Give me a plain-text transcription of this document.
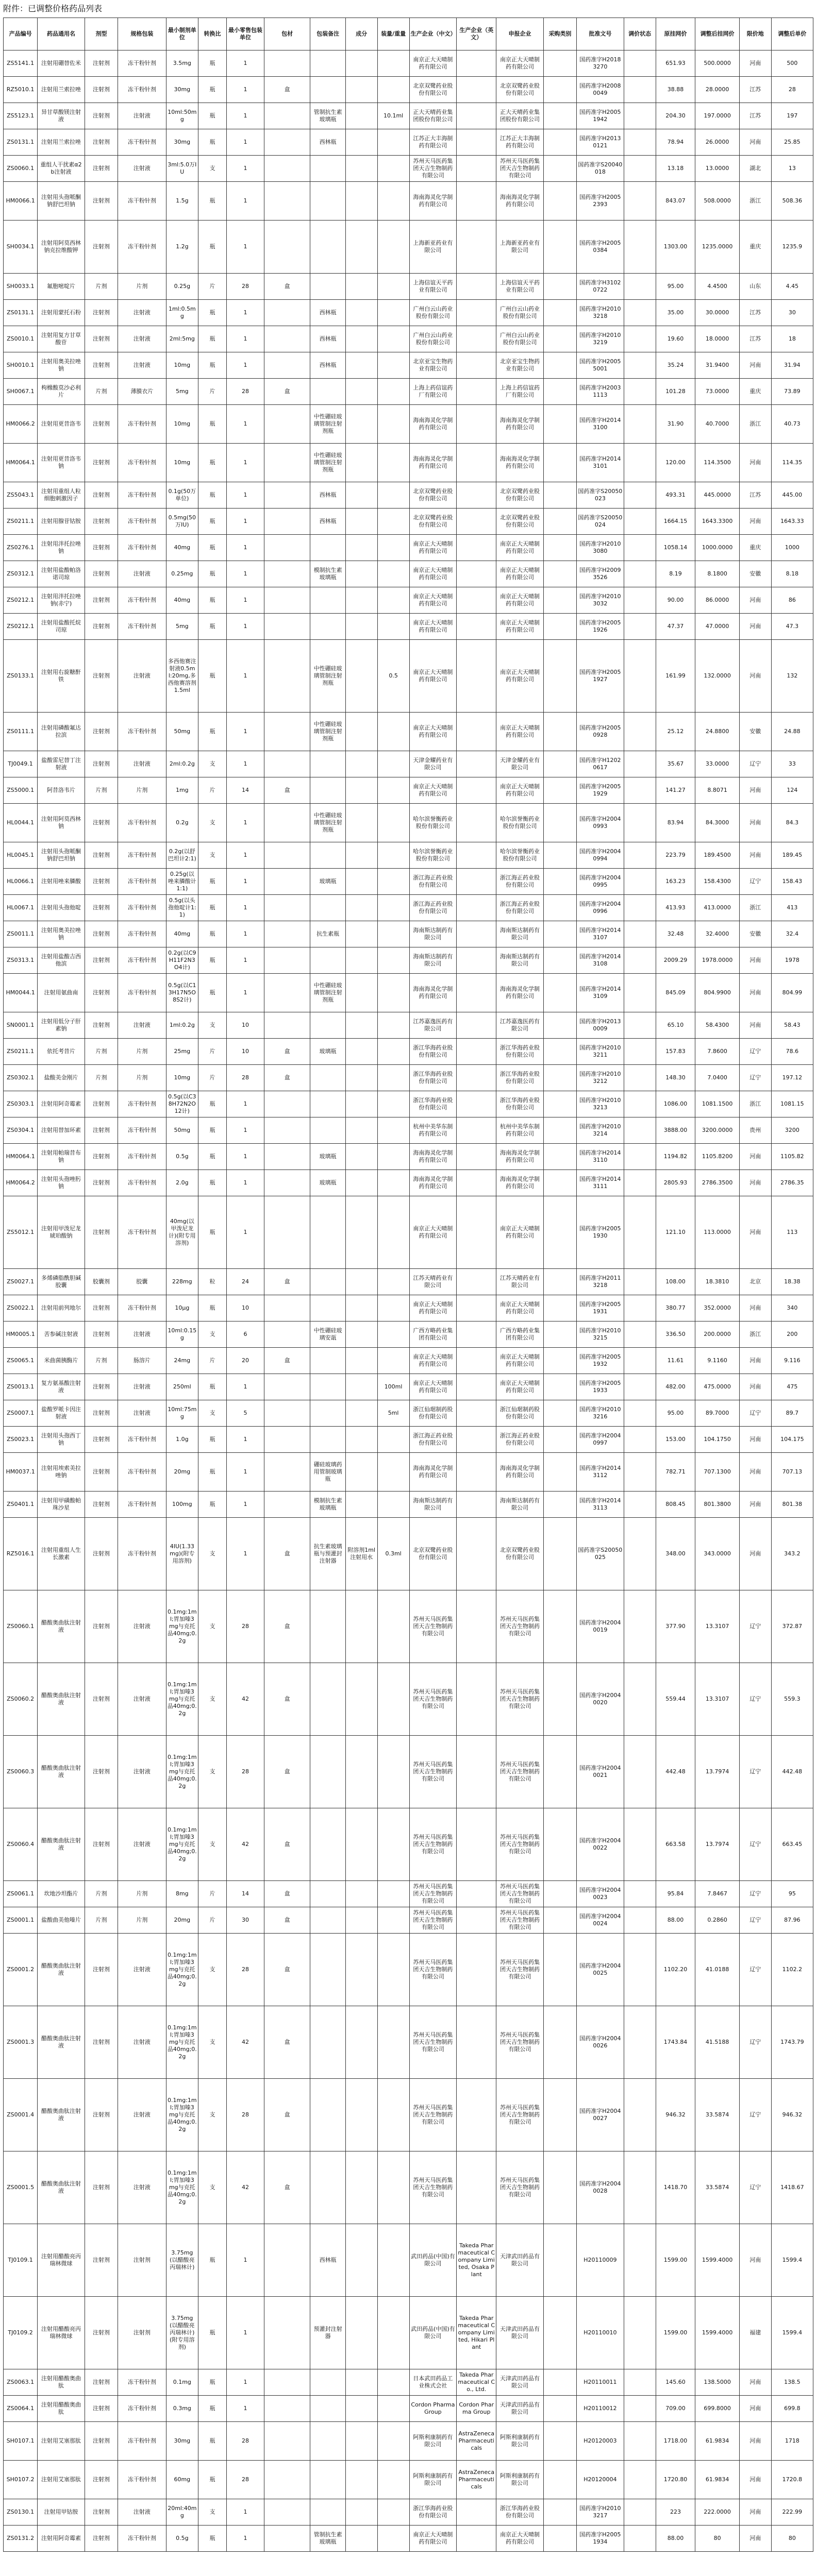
附件：已调整价格药品列表
产品编号	药品通用名	剂型	规格包装	最小制剂单位	转换比	最小零售包装单位	包材	包装备注	成分	装量/重量	生产企业（中文）	生产企业（英文）	申报企业	采购类别	批准文号	调价状态	原挂网价	调整后挂网价	限价地	调整后单价
ZS5141.1	注射用硼替佐米	注射剂	冻干粉针剂	3.5mg	瓶	1					南京正大天晴制药有限公司		南京正大天晴制药有限公司		国药准字H20183270		651.93	500.0000	河南	500
RZ5010.1	注射用兰索拉唑	注射剂	冻干粉针剂	30mg	瓶	1	盒				北京双鹭药业股份有限公司		北京双鹭药业股份有限公司		国药准字H20080049		38.88	28.0000	江苏	28
ZS5123.1	异甘草酸镁注射液	注射剂	注射液	10ml:50mg	瓶	1		管制抗生素玻璃瓶		10.1ml	正大天晴药业集团股份有限公司		正大天晴药业集团股份有限公司		国药准字H20051942		204.30	197.0000	江苏	197
ZS0131.1	注射用兰索拉唑	注射剂	冻干粉针剂	30mg	瓶	1		西林瓶			江苏正大丰海制药有限公司		江苏正大丰海制药有限公司		国药准字H20130121		78.94	26.0000	河南	25.85
ZS0060.1	重组人干扰素α2b注射液	注射剂	注射液	3ml:5.0万IU	支	1					苏州天马医药集团天吉生物制药有限公司		苏州天马医药集团天吉生物制药有限公司		国药准字S20040018		13.18	13.0000	湖北	13
HM0066.1	注射用头孢哌酮钠舒巴坦钠	注射剂	冻干粉针剂	1.5g	瓶	1					海南海灵化学制药有限公司		海南海灵化学制药有限公司		国药准字H20052393		843.07	508.0000	浙江	508.36
SH0034.1	注射用阿莫西林钠克拉维酸钾	注射剂	冻干粉针剂	1.2g	瓶	1					上海新亚药业有限公司		上海新亚药业有限公司		国药准字H20050384		1303.00	1235.0000	重庆	1235.9
SH0033.1	氟胞嘧啶片	片剂	片剂	0.25g	片	28	盒				上海信谊天平药业有限公司		上海信谊天平药业有限公司		国药准字H31020722		95.00	4.4500	山东	4.45
ZS0131.1	注射用蒙托石粉	注射剂	注射液	1ml:0.5mg	瓶	1		西林瓶			广州白云山药业股份有限公司		广州白云山药业股份有限公司		国药准字H20103218		35.00	30.0000	江苏	30
ZS0010.1	注射用复方甘草酸苷	注射剂	注射液	2ml:5mg	瓶	1		西林瓶			广州白云山药业股份有限公司		广州白云山药业股份有限公司		国药准字H20103219		19.60	18.0000	江苏	18
SH0010.1	注射用奥美拉唑钠	注射剂	注射液	10mg	瓶	1		西林瓶			北京亚宝生物药业有限公司		北京亚宝生物药业有限公司		国药准字H20055001		35.24	31.9400	河南	31.94
SH0067.1	枸橼酸莫沙必利片	片剂	薄膜衣片	5mg	片	28	盒				上海上药信谊药厂有限公司		上海上药信谊药厂有限公司		国药准字H20031113		101.28	73.0000	重庆	73.89
HM0066.2	注射用更昔洛韦	注射剂	冻干粉针剂	10mg	瓶	1		中性硼硅玻璃管制注射剂瓶			海南海灵化学制药有限公司		海南海灵化学制药有限公司		国药准字H20143100		31.90	40.7000	浙江	40.73
HM0064.1	注射用更昔洛韦钠	注射剂	冻干粉针剂	10mg	瓶	1		中性硼硅玻璃管制注射剂瓶			海南海灵化学制药有限公司		海南海灵化学制药有限公司		国药准字H20143101		120.00	114.3500	河南	114.35
ZS5043.1	注射用重组人粒细胞刺激因子	注射剂	冻干粉针剂	0.1g(50万单位)	瓶	1		西林瓶			北京双鹭药业股份有限公司		北京双鹭药业股份有限公司		国药准字S20050023		493.31	445.0000	江苏	445.00
ZS0211.1	注射用腺苷钴胺	注射剂	冻干粉针剂	0.5mg(50万IU)	瓶	1		西林瓶			北京双鹭药业股份有限公司		北京双鹭药业股份有限公司		国药准字S20050024		1664.15	1643.3300	河南	1643.33
ZS0276.1	注射用泮托拉唑钠	注射剂	冻干粉针剂	40mg	瓶	1					南京正大天晴制药有限公司		南京正大天晴制药有限公司		国药准字H20103080		1058.14	1000.0000	重庆	1000
ZS0312.1	注射用盐酸帕洛诺司琼	注射剂	注射液	0.25mg	瓶	1		模制抗生素玻璃瓶			南京正大天晴制药有限公司		南京正大天晴制药有限公司		国药准字H20093526		8.19	8.1800	安徽	8.18
ZS0212.1	注射用泮托拉唑钠(赤宁)	注射剂	冻干粉针剂	40mg	瓶	1					南京正大天晴制药有限公司		南京正大天晴制药有限公司		国药准字H20103032		90.00	86.0000	河南	86
ZS0212.1	注射用盐酸托烷司琼	注射剂	冻干粉针剂	5mg	瓶	1					南京正大天晴制药有限公司		南京正大天晴制药有限公司		国药准字H20051926		47.37	47.0000	河南	47.3
ZS0133.1	注射用右旋糖酐铁	注射剂	注射液	多西他赛注射液0.5ml:20mg,多西他赛溶剂1.5ml	瓶	1		中性硼硅玻璃管制注射剂瓶		0.5	南京正大天晴制药有限公司		南京正大天晴制药有限公司		国药准字H20051927		161.99	132.0000	河南	132
ZS0111.1	注射用磷酸氟达拉滨	注射剂	冻干粉针剂	50mg	瓶	1		中性硼硅玻璃管制注射剂瓶			南京正大天晴制药有限公司		南京正大天晴制药有限公司		国药准字H20050928		25.12	24.8800	安徽	24.88
TJ0049.1	盐酸雷尼替丁注射液	注射剂	注射液	2ml:0.2g	支	1					天津金耀药业有限公司		天津金耀药业有限公司		国药准字H12020617		35.67	33.0000	辽宁	33
ZS5000.1	阿昔洛韦片	片剂	片剂	1mg	片	14	盒				南京正大天晴制药有限公司		南京正大天晴制药有限公司		国药准字H20051929		141.27	8.8071	河南	124
HL0044.1	注射用阿莫西林钠	注射剂	冻干粉针剂	0.2g	支	1		中性硼硅玻璃管制注射剂瓶			哈尔滨誉衡药业股份有限公司		哈尔滨誉衡药业股份有限公司		国药准字H20040993		83.94	84.3000	河南	84.3
HL0045.1	注射用头孢哌酮钠舒巴坦钠	注射剂	冻干粉针剂	0.2g(以舒巴坦计2:1)	支	1					哈尔滨誉衡药业股份有限公司		哈尔滨誉衡药业股份有限公司		国药准字H20040994		223.79	189.4500	河南	189.45
HL0066.1	注射用唑来膦酸	注射剂	冻干粉针剂	0.25g(以唑来膦酸计1:1)	瓶	1		玻璃瓶			浙江海正药业股份有限公司		浙江海正药业股份有限公司		国药准字H20040995		163.23	158.4300	辽宁	158.43
HL0067.1	注射用头孢他啶	注射剂	冻干粉针剂	0.5g(以头孢他啶计1:1)	瓶	1					浙江海正药业股份有限公司		浙江海正药业股份有限公司		国药准字H20040996		413.93	413.0000	浙江	413
ZS0011.1	注射用奥美拉唑钠	注射剂	冻干粉针剂	40mg	瓶	1		抗生素瓶			海南斯达制药有限公司		海南斯达制药有限公司		国药准字H20143107		32.48	32.4000	安徽	32.4
ZS0313.1	注射用盐酸吉西他滨	注射剂	冻干粉针剂	0.2g(以C9H11F2N3O4计)	瓶	1					海南斯达制药有限公司		海南斯达制药有限公司		国药准字H20143108		2009.29	1978.0000	河南	1978
HM0044.1	注射用氨曲南	注射剂	冻干粉针剂	0.5g(以C13H17N5O8S2计)	瓶	1		中性硼硅玻璃管制注射剂瓶			海南海灵化学制药有限公司		海南海灵化学制药有限公司		国药准字H20143109		845.09	804.9900	河南	804.99
SN0001.1	注射用低分子肝素钠	注射剂	注射液	1ml:0.2g	支	10					江苏嘉逸医药有限公司		江苏嘉逸医药有限公司		国药准字H20130009		65.10	58.4300	河南	58.43
ZS0211.1	依托考昔片	片剂	片剂	25mg	片	10	盒	玻璃瓶			浙江华海药业股份有限公司		浙江华海药业股份有限公司		国药准字H20103211		157.83	7.8600	辽宁	78.6
ZS0302.1	盐酸美金刚片	片剂	片剂	10mg	片	28	盒				浙江华海药业股份有限公司		浙江华海药业股份有限公司		国药准字H20103212		148.30	7.0400	辽宁	197.12
ZS0303.1	注射用阿奇霉素	注射剂	冻干粉针剂	0.5g(以C38H72N2O12计)	瓶	1					浙江华海药业股份有限公司		浙江华海药业股份有限公司		国药准字H20103213		1086.00	1081.1500	浙江	1081.15
ZS0304.1	注射用替加环素	注射剂	冻干粉针剂	50mg	瓶	1					杭州中美华东制药有限公司		杭州中美华东制药有限公司		国药准字H20103214		3888.00	3200.0000	贵州	3200
HM0064.1	注射用帕瑞昔布钠	注射剂	冻干粉针剂	0.5g	瓶	1		玻璃瓶			海南海灵化学制药有限公司		海南海灵化学制药有限公司		国药准字H20143110		1194.82	1105.8200	河南	1105.82
HM0064.2	注射用头孢唑肟钠	注射剂	冻干粉针剂	2.0g	瓶	1		玻璃瓶			海南海灵化学制药有限公司		海南海灵化学制药有限公司		国药准字H20143111		2805.93	2786.3500	河南	2786.35
ZS5012.1	注射用甲泼尼龙琥珀酸钠	注射剂	冻干粉针剂	40mg(以甲泼尼龙计)(附专用溶剂)	瓶	1					南京正大天晴制药有限公司		南京正大天晴制药有限公司		国药准字H20051930		121.10	113.0000	河南	113
ZS0027.1	多烯磷脂酰胆碱胶囊	胶囊剂	胶囊	228mg	粒	24	盒				江苏天晴药业有限公司		江苏天晴药业有限公司		国药准字H20113218		108.00	18.3810	北京	18.38
ZS0022.1	注射用前列地尔	注射剂	冻干粉针剂	10μg	瓶	10					南京正大天晴制药有限公司		南京正大天晴制药有限公司		国药准字H20051931		380.77	352.0000	河南	340
HM0005.1	苦参碱注射液	注射剂	注射液	10ml:0.15g	支	6		中性硼硅玻璃安瓿			广西方略药业集团有限公司		广西方略药业集团有限公司		国药准字H20103215		336.50	200.0000	浙江	200
ZS0065.1	米曲菌胰酶片	片剂	肠溶片	24mg	片	20	盒				南京正大天晴制药有限公司		南京正大天晴制药有限公司		国药准字H20051932		11.61	9.1160	河南	9.116
ZS0013.1	复方氨基酸注射液	注射剂	注射液	250ml	瓶	1				100ml	南京正大天晴制药有限公司		南京正大天晴制药有限公司		国药准字H20051933		482.00	475.0000	河南	475
ZS0007.1	盐酸罗哌卡因注射液	注射剂	注射液	10ml:75mg	支	5				5ml	浙江仙琚制药股份有限公司		浙江仙琚制药股份有限公司		国药准字H20103216		95.00	89.7000	辽宁	89.7
ZS0023.1	注射用头孢西丁钠	注射剂	冻干粉针剂	1.0g	瓶	1					浙江海正药业股份有限公司		浙江海正药业股份有限公司		国药准字H20040997		153.00	104.1750	河南	104.175
HM0037.1	注射用埃索美拉唑钠	注射剂	冻干粉针剂	20mg	瓶	1		硼硅玻璃药用管制玻璃瓶			海南海灵化学制药有限公司		海南海灵化学制药有限公司		国药准字H20143112		782.71	707.1300	河南	707.13
ZS0401.1	注射用甲磺酸帕珠沙星	注射剂	冻干粉针剂	100mg	瓶	1		模制抗生素玻璃瓶			海南斯达制药有限公司		海南斯达制药有限公司		国药准字H20143113		808.45	801.3800	河南	801.38
RZ5016.1	注射用重组人生长激素	注射剂	冻干粉针剂	4IU(1.33mg)(附专用溶剂)	支	1	盒	抗生素玻璃瓶与预灌封注射器	附溶剂1ml注射用水	0.3ml	北京双鹭药业股份有限公司		北京双鹭药业股份有限公司		国药准字S20050025		348.00	343.0000	河南	343.2
ZS0060.1	醋酸奥曲肽注射液	注射剂	注射液	0.1mg:1ml;胃加嗪3mg与克托品40mg;0.2g	支	28	盒				苏州天马医药集团天吉生物制药有限公司		苏州天马医药集团天吉生物制药有限公司		国药准字H20040019		377.90	13.3107	辽宁	372.87
ZS0060.2	醋酸奥曲肽注射液	注射剂	注射液	0.1mg:1ml;胃加嗪3mg与克托品40mg;0.2g	支	42	盒				苏州天马医药集团天吉生物制药有限公司		苏州天马医药集团天吉生物制药有限公司		国药准字H20040020		559.44	13.3107	辽宁	559.3
ZS0060.3	醋酸奥曲肽注射液	注射剂	注射液	0.1mg:1ml;胃加嗪3mg与克托品40mg;0.2g	支	28	盒				苏州天马医药集团天吉生物制药有限公司		苏州天马医药集团天吉生物制药有限公司		国药准字H20040021		442.48	13.7974	辽宁	442.48
ZS0060.4	醋酸奥曲肽注射液	注射剂	注射液	0.1mg:1ml;胃加嗪3mg与克托品40mg;0.2g	支	42	盒				苏州天马医药集团天吉生物制药有限公司		苏州天马医药集团天吉生物制药有限公司		国药准字H20040022		663.58	13.7974	辽宁	663.45
ZS0061.1	坎地沙坦酯片	片剂	片剂	8mg	片	14	盒				苏州天马医药集团天吉生物制药有限公司		苏州天马医药集团天吉生物制药有限公司		国药准字H20040023		95.84	7.8467	辽宁	95
ZS0001.1	盐酸曲美他嗪片	片剂	片剂	20mg	片	30	盒				苏州天马医药集团天吉生物制药有限公司		苏州天马医药集团天吉生物制药有限公司		国药准字H20040024		88.00	0.2860	辽宁	87.96
ZS0001.2	醋酸奥曲肽注射液	注射剂	注射液	0.1mg:1ml;胃加嗪3mg与克托品40mg;0.2g	支	28	盒				苏州天马医药集团天吉生物制药有限公司		苏州天马医药集团天吉生物制药有限公司		国药准字H20040025		1102.20	41.0188	辽宁	1102.2
ZS0001.3	醋酸奥曲肽注射液	注射剂	注射液	0.1mg:1ml;胃加嗪3mg与克托品40mg;0.2g	支	42	盒				苏州天马医药集团天吉生物制药有限公司		苏州天马医药集团天吉生物制药有限公司		国药准字H20040026		1743.84	41.5188	辽宁	1743.79
ZS0001.4	醋酸奥曲肽注射液	注射剂	注射液	0.1mg:1ml;胃加嗪3mg与克托品40mg;0.2g	支	28	盒				苏州天马医药集团天吉生物制药有限公司		苏州天马医药集团天吉生物制药有限公司		国药准字H20040027		946.32	33.5874	辽宁	946.32
ZS0001.5	醋酸奥曲肽注射液	注射剂	注射液	0.1mg:1ml;胃加嗪3mg与克托品40mg;0.2g	支	42	盒				苏州天马医药集团天吉生物制药有限公司		苏州天马医药集团天吉生物制药有限公司		国药准字H20040028		1418.70	33.5874	辽宁	1418.67
TJ0109.1	注射用醋酸亮丙瑞林微球	注射剂	注射剂	3.75mg(以醋酸亮丙瑞林计)	瓶	1		西林瓶			武田药品(中国)有限公司	Takeda Pharmaceutical Company Limited, Osaka Plant	天津武田药品有限公司		H20110009		1599.00	1599.4000	河南	1599.4
TJ0109.2	注射用醋酸亮丙瑞林微球	注射剂	注射剂	3.75mg(以醋酸亮丙瑞林计)(附专用溶剂)	瓶	1		预灌封注射器			武田药品(中国)有限公司	Takeda Pharmaceutical Company Limited, Hikari Plant	天津武田药品有限公司		H20110010		1599.00	1599.4000	福建	1599.4
ZS0063.1	注射用醋酸奥曲肽	注射剂	冻干粉针剂	0.1mg	瓶	1					日本武田药品工业株式会社	Takeda Pharmaceutical Co., Ltd.	天津武田药品有限公司		H20110011		145.60	138.5000	河南	138.5
ZS0064.1	注射用醋酸奥曲肽	注射剂	冻干粉针剂	0.3mg	瓶	1					Cordon Pharma Group	Cordon Pharma Group	天津武田药品有限公司		H20110012		709.00	699.8000	河南	699.8
SH0107.1	注射用艾塞那肽	注射剂	冻干粉针剂	30mg	瓶	28					阿斯利康制药有限公司	AstraZeneca Pharmaceuticals	阿斯利康制药有限公司		H20120003		1718.00	61.9834	河南	1718
SH0107.2	注射用艾塞那肽	注射剂	冻干粉针剂	60mg	瓶	28					阿斯利康制药有限公司	AstraZeneca Pharmaceuticals	阿斯利康制药有限公司		H20120004		1720.80	61.9834	河南	1720.8
ZS0130.1	注射用甲钴胺	注射剂	注射液	20ml:40mg	支	1					浙江华海药业股份有限公司		浙江华海药业股份有限公司		国药准字H20103217		223	222.0000	河南	222.99
ZS0131.2	注射用阿奇霉素	注射剂	冻干粉针剂	0.5g	瓶	1		管制抗生素玻璃瓶			南京正大天晴制药有限公司		南京正大天晴制药有限公司		国药准字H20051934		88.00	80	河南	80
